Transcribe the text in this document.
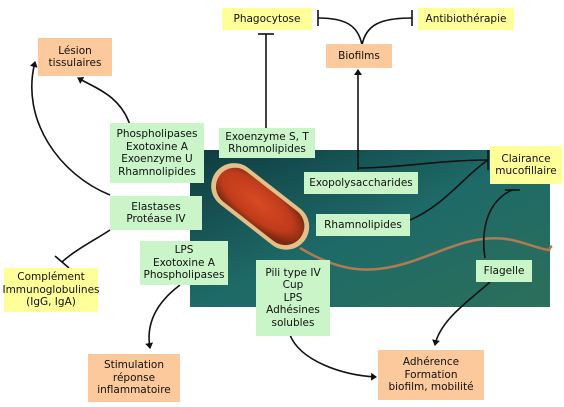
Lésion
tissulaires
Phagocytose	Antibiothérapie
Biofilms
Clairance
mucofillaire
Phospholipases
Exotoxine A
Exoenzyme U
Rhamnolipides
Exoenzyme S, T
Rhomnolipides
Exopolysaccharides
Elastases
Protéase IV	Rhamnolipides
LPS
Exotoxine A
Phospholipases	Pili type IV
Cup
LPS
Adhésines
solubles
Flagelle
Complément
Immunoglobulines
(IgG, IgA)
Stimulation
réponse
inflammatoire
Adhérence
Formation
biofilm, mobilité
